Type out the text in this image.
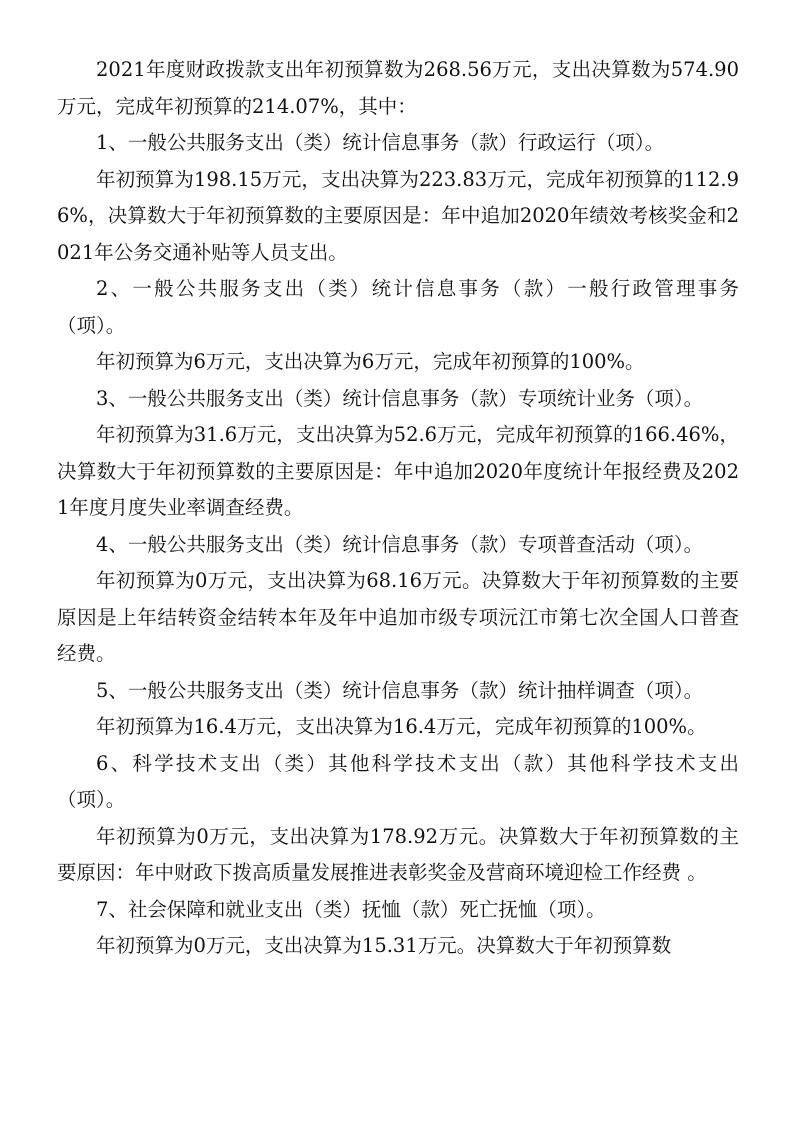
2021年度财政拨款支出年初预算数为268.56万元，支出决算数为574.90万元，完成年初预算的214.07%，其中：

1、一般公共服务支出（类）统计信息事务（款）行政运行（项）。

年初预算为198.15万元，支出决算为223.83万元，完成年初预算的112.96%，决算数大于年初预算数的主要原因是：年中追加2020年绩效考核奖金和2021年公务交通补贴等人员支出。

2、一般公共服务支出（类）统计信息事务（款）一般行政管理事务（项）。

年初预算为6万元，支出决算为6万元，完成年初预算的100%。

3、一般公共服务支出（类）统计信息事务（款）专项统计业务（项）。

年初预算为31.6万元，支出决算为52.6万元，完成年初预算的166.46%，决算数大于年初预算数的主要原因是：年中追加2020年度统计年报经费及2021年度月度失业率调查经费。

4、一般公共服务支出（类）统计信息事务（款）专项普查活动（项）。

年初预算为0万元，支出决算为68.16万元。决算数大于年初预算数的主要原因是上年结转资金结转本年及年中追加市级专项沅江市第七次全国人口普查经费。

5、一般公共服务支出（类）统计信息事务（款）统计抽样调查（项）。

年初预算为16.4万元，支出决算为16.4万元，完成年初预算的100%。

6、科学技术支出（类）其他科学技术支出（款）其他科学技术支出（项）。

年初预算为0万元，支出决算为178.92万元。决算数大于年初预算数的主要原因：年中财政下拨高质量发展推进表彰奖金及营商环境迎检工作经费 。

7、社会保障和就业支出（类）抚恤（款）死亡抚恤（项）。

年初预算为0万元，支出决算为15.31万元。决算数大于年初预算数
